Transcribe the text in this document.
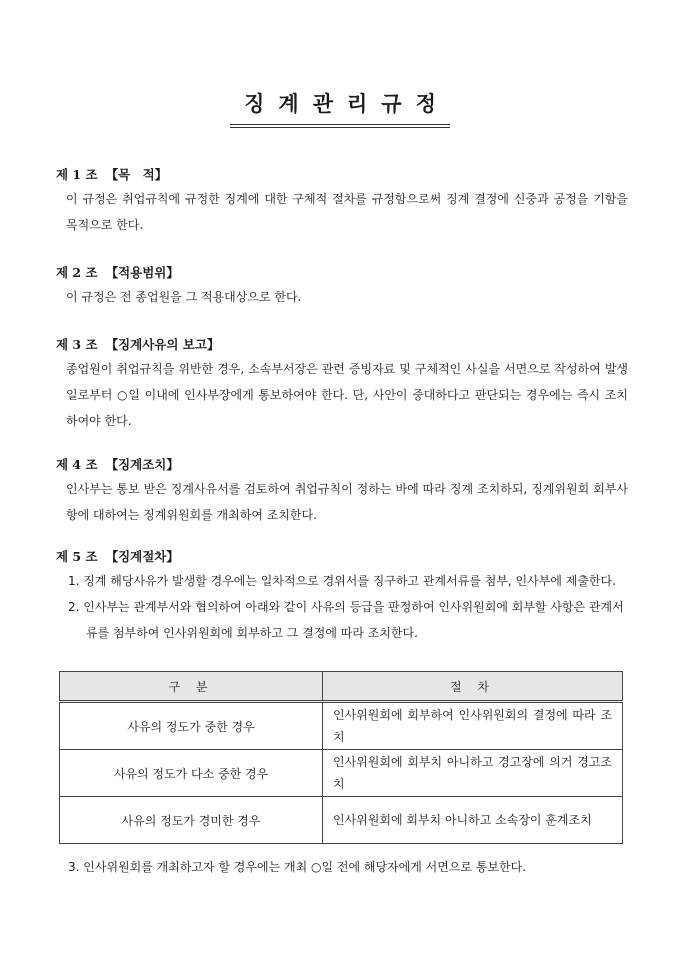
징계관리규정
제 1 조 【목　적】
이 규정은 취업규칙에 규정한 징계에 대한 구체적 절차를 규정함으로써 징계 결정에 신중과 공정을 기함을 목적으로 한다.
제 2 조 【적용범위】
이 규정은 전 종업원을 그 적용대상으로 한다.
제 3 조 【징계사유의 보고】
종업원이 취업규칙을 위반한 경우, 소속부서장은 관련 증빙자료 및 구체적인 사실을 서면으로 작성하여 발생일로부터 ○일 이내에 인사부장에게 통보하여야 한다. 단, 사안이 중대하다고 판단되는 경우에는 즉시 조치하여야 한다.
제 4 조 【징계조치】
인사부는 통보 받은 징계사유서를 검토하여 취업규칙이 정하는 바에 따라 징계 조치하되, 징계위원회 회부사항에 대하여는 징계위원회를 개최하여 조치한다.
제 5 조 【징계절차】
1. 징계 해당사유가 발생할 경우에는 일차적으로 경위서를 징구하고 관계서류를 첨부, 인사부에 제출한다.
2. 인사부는 관계부서와 협의하여 아래와 같이 사유의 등급을 판정하여 인사위원회에 회부할 사항은 관계서류를 첨부하여 인사위원회에 회부하고 그 결정에 따라 조치한다.
구 분	절 차
사유의 정도가 중한 경우	인사위원회에 회부하여 인사위원회의 결정에 따라 조치
사유의 정도가 다소 중한 경우	인사위원회에 회부치 아니하고 경고장에 의거 경고조치
사유의 정도가 경미한 경우	인사위원회에 회부치 아니하고 소속장이 훈계조치
3. 인사위원회를 개최하고자 할 경우에는 개최 ○일 전에 해당자에게 서면으로 통보한다.
